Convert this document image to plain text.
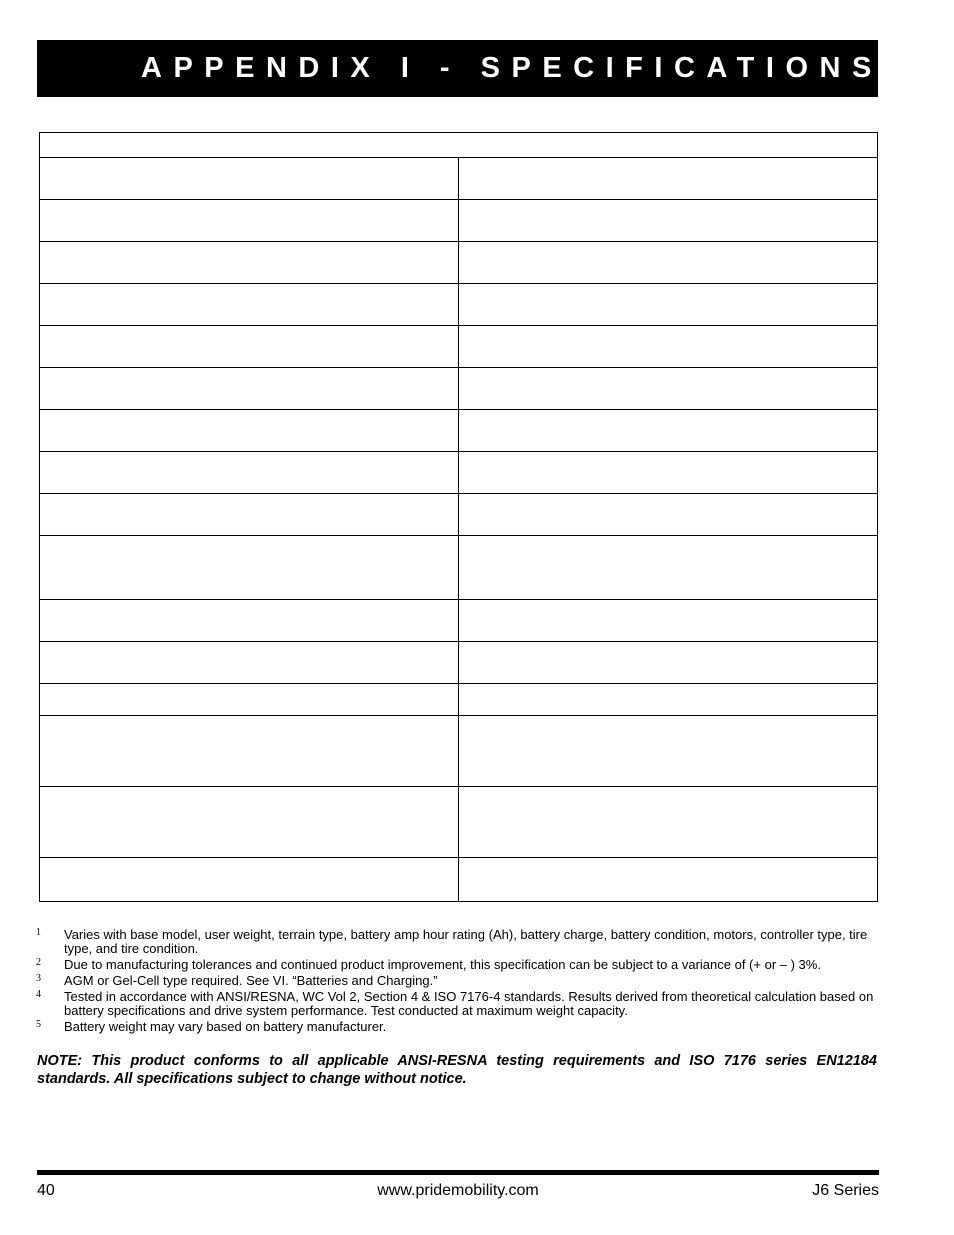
APPENDIX I - SPECIFICATIONS

1	Varies with base model, user weight, terrain type, battery amp hour rating (Ah), battery charge, battery condition, motors, controller type, tire type, and tire condition.
2	Due to manufacturing tolerances and continued product improvement, this specification can be subject to a variance of (+ or – ) 3%.
3	AGM or Gel-Cell type required. See VI. “Batteries and Charging.”
4	Tested in accordance with ANSI/RESNA, WC Vol 2, Section 4 & ISO 7176-4 standards. Results derived from theoretical calculation based on battery specifications and drive system performance. Test conducted at maximum weight capacity.
5	Battery weight may vary based on battery manufacturer.
NOTE: This product conforms to all applicable ANSI-RESNA testing requirements and ISO 7176 series EN12184 standards. All specifications subject to change without notice.
40	www.pridemobility.com	J6 Series
